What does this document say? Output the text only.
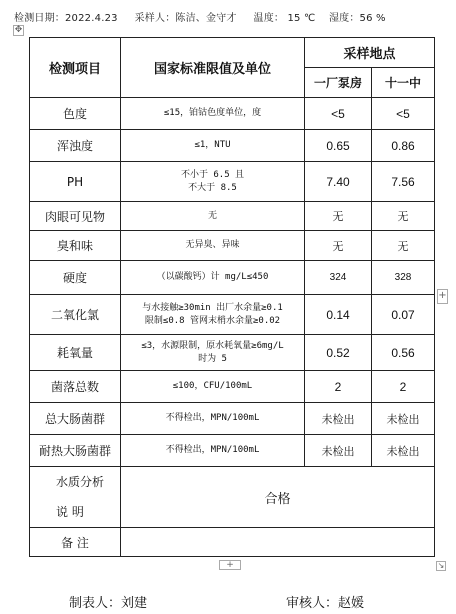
检测日期：2022.4.23 采样人：陈洁、金守才 温度： 15 ℃ 湿度：56 %
✥
检测项目	国家标准限值及单位	采样地点	
		一厂泵房	十一中
色度	≤15，铂钴色度单位，度	<5	<5
浑浊度	≤1，NTU	0.65	0.86
PH	不小于 6.5 且
不大于 8.5	7.40	7.56
肉眼可见物	无	无	无
臭和味	无异臭、异味	无	无
硬度	（以碳酸钙）计 mg/L≤450	324	328
二氧化氯	与水接触≥30min 出厂水余量≥0.1
限制≤0.8 管网末梢水余量≥0.02	0.14	0.07
耗氧量	≤3，水源限制，原水耗氧量≥6mg/L
时为 5	0.52	0.56
菌落总数	≤100，CFU/100mL	2	2
总大肠菌群	不得检出，MPN/100mL	未检出	未检出
耐热大肠菌群	不得检出，MPN/100mL	未检出	未检出

水质分析
说 明	合格		
备 注			
+
+	↘
制表人：刘建	审核人：赵媛
